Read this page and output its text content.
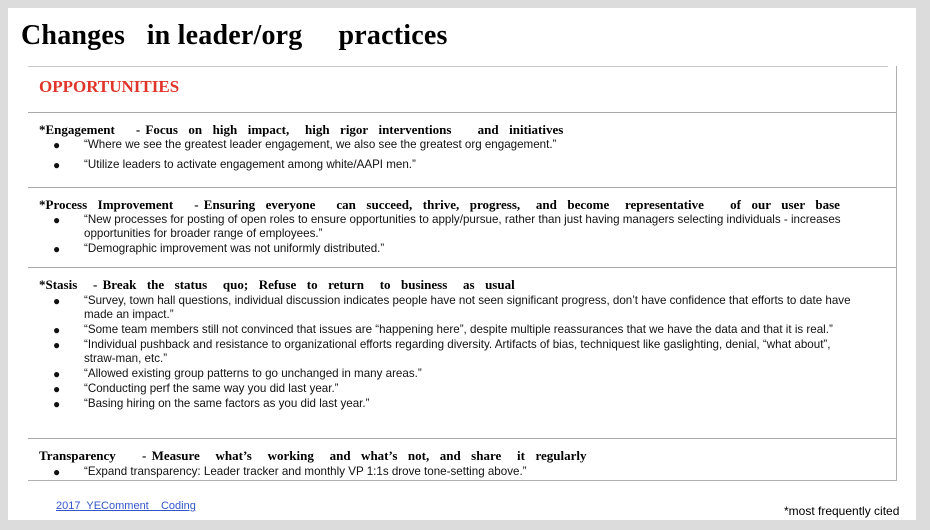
Changes   in leader/org     practices
OPPORTUNITIES
*Engagement    - Focus  on  high  impact,   high  rigor  interventions     and  initiatives
● “Where we see the greatest leader engagement, we also see the greatest org engagement.”
● “Utilize leaders to activate engagement among white/AAPI men.”
*Process  Improvement    - Ensuring  everyone    can  succeed,  thrive,  progress,   and  become   representative     of  our  user  base
● “New processes for posting of open roles to ensure opportunities to apply/pursue, rather than just having managers selecting individuals - increases opportunities for broader range of employees.”
● “Demographic improvement was not uniformly distributed.”
*Stasis   - Break  the  status   quo;  Refuse  to  return   to  business   as  usual
● “Survey, town hall questions, individual discussion indicates people have not seen significant progress, don’t have confidence that efforts to date have made an impact.”
● “Some team members still not convinced that issues are “happening here”, despite multiple reassurances that we have the data and that it is real.”
● “Individual pushback and resistance to organizational efforts regarding diversity. Artifacts of bias, techniquest like gaslighting, denial, “what about”, straw-man, etc.”
● “Allowed existing group patterns to go unchanged in many areas.”
● “Conducting perf the same way you did last year.”
● “Basing hiring on the same factors as you did last year.”
Transparency     - Measure   what’s   working   and  what’s  not,  and  share   it  regularly
● “Expand transparency: Leader tracker and monthly VP 1:1s drove tone-setting above.”
2017  YEComment    Coding	*most frequently cited
